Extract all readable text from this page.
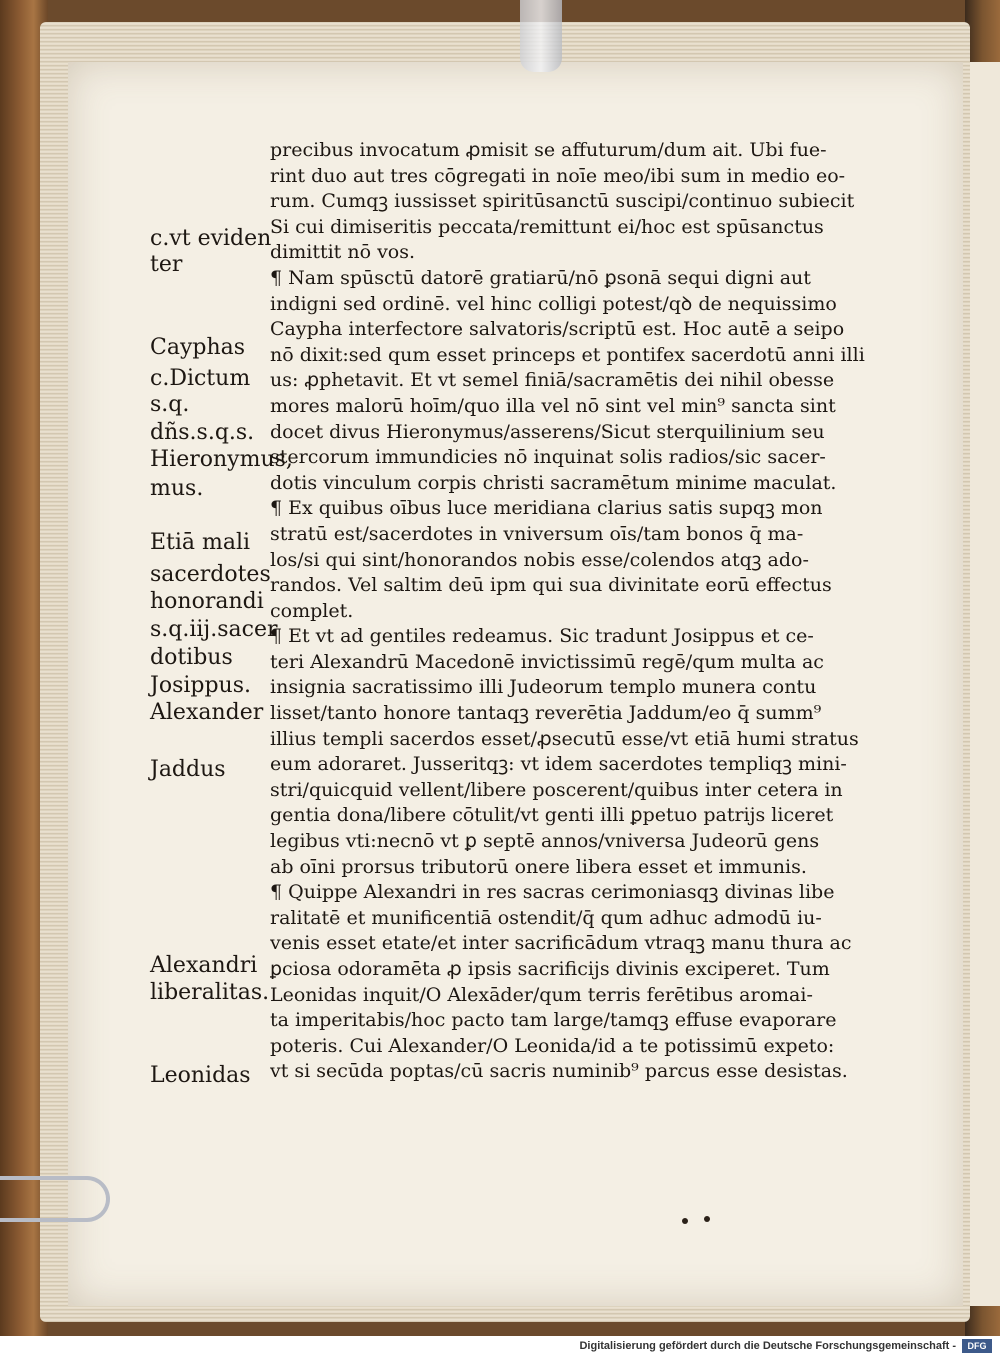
c.vt eviden
ter
Cayphas
c.Dictum
s.q.
dñs.s.q.s.
Hieronymus,
mus.
Etiā mali
sacerdotes
honorandi
s.q.iij.sacer
dotibus
Josippus.
Alexander
Jaddus
Alexandri
liberalitas.
Leonidas
precibus invocatum ꝓmisit se affuturum/dum ait. Ubi fue‑
rint duo aut tres cōgregati in noīe meo/ibi sum in medio eo‑
rum. Cumqꝫ iussisset spiritūsanctū suscipi/continuo subiecit
Si cui dimiseritis peccata/remittunt ei/hoc est spūsanctus
dimittit nō vos.
¶ Nam spūsctū datorē gratiarū/nō ꝑsonā sequi digni aut
indigni sed ordinē. vel hinc colligi potest/qꝺ de nequissimo
Caypha interfectore salvatoris/scriptū est. Hoc autē a seipo
nō dixit:sed qum esset princeps et pontifex sacerdotū anni illi
us: ꝓphetavit. Et vt semel finiā/sacramētis dei nihil obesse
mores malorū hoīm/quo illa vel nō sint vel min⁹ sancta sint
docet divus Hieronymus/asserens/Sicut sterquilinium seu
stercorum immundicies nō inquinat solis radios/sic sacer‑
dotis vinculum corpis christi sacramētum minime maculat.
¶ Ex quibus oībus luce meridiana clarius satis supqꝫ mon
stratū est/sacerdotes in vniversum oīs/tam bonos q̄ ma‑
los/si qui sint/honorandos nobis esse/colendos atqꝫ ado‑
randos. Vel saltim deū ipm qui sua divinitate eorū effectus
complet.
¶ Et vt ad gentiles redeamus. Sic tradunt Josippus et ce‑
teri Alexandrū Macedonē invictissimū regē/qum multa ac
insignia sacratissimo illi Judeorum templo munera contu
lisset/tanto honore tantaqꝫ reverētia Jaddum/eo q̄ summ⁹
illius templi sacerdos esset/ꝓsecutū esse/vt etiā humi stratus
eum adoraret. Jusseritqꝫ: vt idem sacerdotes templiqꝫ mini‑
stri/quicquid vellent/libere poscerent/quibus inter cetera in
gentia dona/libere cōtulit/vt genti illi ꝑpetuo patrijs liceret
legibus vti:necnō vt ꝑ septē annos/vniversa Judeorū gens
ab oīni prorsus tributorū onere libera esset et immunis.
¶ Quippe Alexandri in res sacras cerimoniasqꝫ divinas libe
ralitatē et munificentiā ostendit/q̄ qum adhuc admodū iu‑
venis esset etate/et inter sacrificādum vtraqꝫ manu thura ac
ꝑciosa odoramēta ꝓ ipsis sacrificijs divinis exciperet. Tum
Leonidas inquit/O Alexāder/qum terris ferētibus aromai‑
ta imperitabis/hoc pacto tam large/tamqꝫ effuse evaporare
poteris. Cui Alexander/O Leonida/id a te potissimū expeto:
vt si secūda poptas/cū sacris numinib⁹ parcus esse desistas.
Digitalisierung gefördert durch die Deutsche Forschungsgemeinschaft -	DFG
